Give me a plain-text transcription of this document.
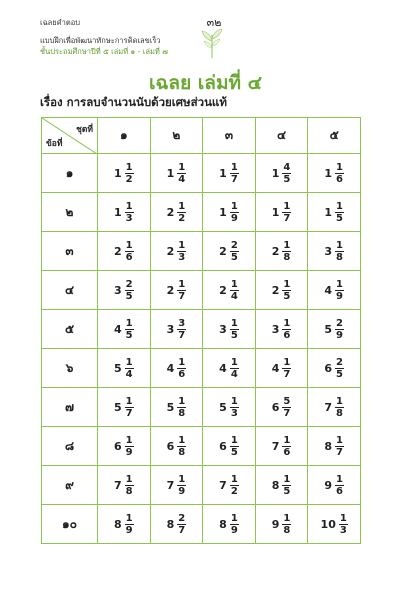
เฉลยคำตอบ
แบบฝึกเพื่อพัฒนาทักษะการคิดเลขเร็ว
ชั้นประถมศึกษาปีที่ ๕ เล่มที่ ๑ - เล่มที่ ๗
๓๒
เฉลย เล่มที่ ๔
เรื่อง การลบจำนวนนับด้วยเศษส่วนแท้
ชุดที่
ข้อที่	๑	๒	๓	๔	๕
๑	$1 \frac{1}{2}$	$1 \frac{1}{4}$	$1 \frac{1}{7}$	$1 \frac{4}{5}$	$1 \frac{1}{6}$

๒	$1 \frac{1}{3}$	$2 \frac{1}{2}$	$1 \frac{1}{9}$	$1 \frac{1}{7}$	$1 \frac{1}{5}$

๓	$2 \frac{1}{6}$	$2 \frac{1}{3}$	$2 \frac{2}{5}$	$2 \frac{1}{8}$	$3 \frac{1}{8}$

๔	$3 \frac{2}{5}$	$2 \frac{1}{7}$	$2 \frac{1}{4}$	$2 \frac{1}{5}$	$4 \frac{1}{9}$

๕	$4 \frac{1}{5}$	$3 \frac{3}{7}$	$3 \frac{1}{5}$	$3 \frac{1}{6}$	$5 \frac{2}{9}$

๖	$5 \frac{1}{4}$	$4 \frac{1}{6}$	$4 \frac{1}{4}$	$4 \frac{1}{7}$	$6 \frac{2}{5}$

๗	$5 \frac{1}{7}$	$5 \frac{1}{8}$	$5 \frac{1}{3}$	$6 \frac{5}{7}$	$7 \frac{1}{8}$

๘	$6 \frac{1}{9}$	$6 \frac{1}{8}$	$6 \frac{1}{5}$	$7 \frac{1}{6}$	$8 \frac{1}{7}$

๙	$7 \frac{1}{8}$	$7 \frac{1}{9}$	$7 \frac{1}{2}$	$8 \frac{1}{5}$	$9 \frac{1}{6}$

๑๐	$8 \frac{1}{9}$	$8 \frac{2}{7}$	$8 \frac{1}{9}$	$9 \frac{1}{8}$	$10 \frac{1}{3}$
